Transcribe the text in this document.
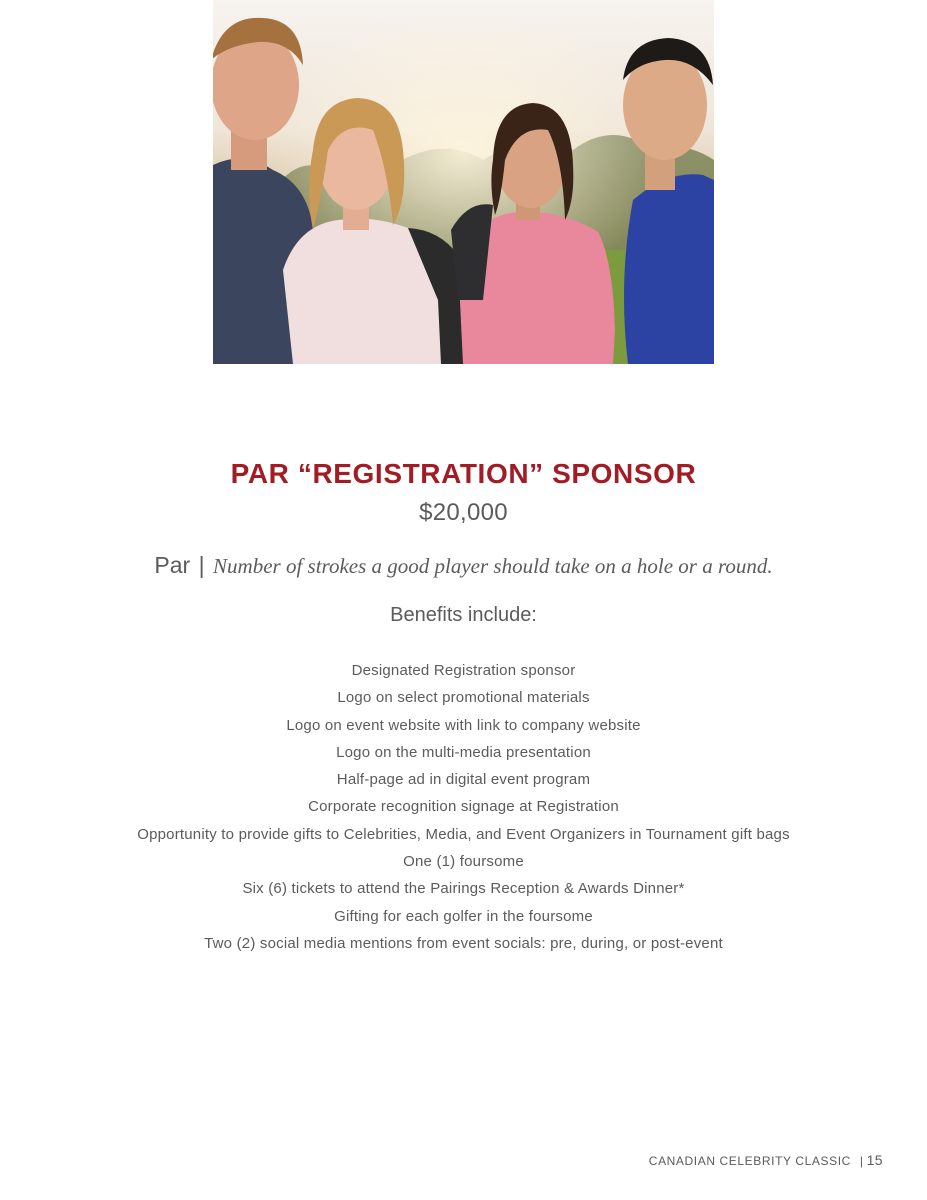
PAR “REGISTRATION” SPONSOR
$20,000
Par | Number of strokes a good player should take on a hole or a round.
Benefits include:
Designated Registration sponsor
Logo on select promotional materials
Logo on event website with link to company website
Logo on the multi-media presentation
Half-page ad in digital event program
Corporate recognition signage at Registration
Opportunity to provide gifts to Celebrities, Media, and Event Organizers in Tournament gift bags
One (1) foursome
Six (6) tickets to attend the Pairings Reception & Awards Dinner*
Gifting for each golfer in the foursome
Two (2) social media mentions from event socials: pre, during, or post-event
CANADIAN CELEBRITY CLASSIC | 15
